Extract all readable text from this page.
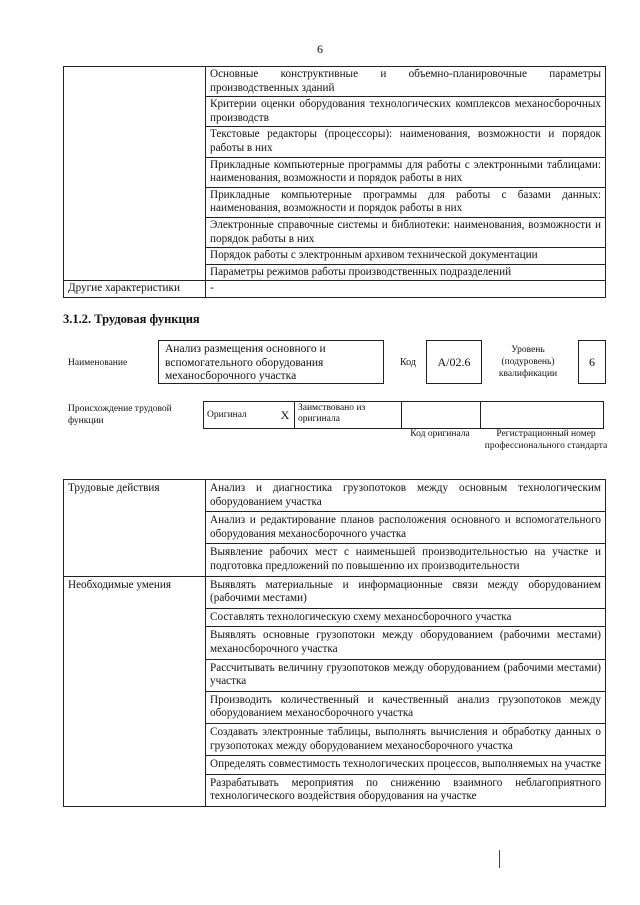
6
	Основные конструктивные и объемно-планировочные параметры производственных зданий
	Критерии оценки оборудования технологических комплексов механосборочных производств
	Текстовые редакторы (процессоры): наименования, возможности и порядок работы в них
	Прикладные компьютерные программы для работы с электронными таблицами: наименования, возможности и порядок работы в них
	Прикладные компьютерные программы для работы с базами данных: наименования, возможности и порядок работы в них
	Электронные справочные системы и библиотеки: наименования, возможности и порядок работы в них
	Порядок работы с электронным архивом технической документации
	Параметры режимов работы производственных подразделений
Другие характеристики	-
3.1.2. Трудовая функция
Наименование
Анализ размещения основного и вспомогательного оборудования механосборочного участка
Код	A/02.6
Уровень (подуровень) квалификации
6
Происхождение трудовой функции
Оригинал	X	Заимствовано из оригинала		
Код оригинала	Регистрационный номер профессионального стандарта
Трудовые действия	Анализ и диагностика грузопотоков между основным технологическим оборудованием участка
	Анализ и редактирование планов расположения основного и вспомогательного оборудования механосборочного участка
	Выявление рабочих мест с наименьшей производительностью на участке и подготовка предложений по повышению их производительности
Необходимые умения	Выявлять материальные и информационные связи между оборудованием (рабочими местами)
	Составлять технологическую схему механосборочного участка
	Выявлять основные грузопотоки между оборудованием (рабочими местами) механосборочного участка
	Рассчитывать величину грузопотоков между оборудованием (рабочими местами) участка
	Производить количественный и качественный анализ грузопотоков между оборудованием механосборочного участка
	Создавать электронные таблицы, выполнять вычисления и обработку данных о грузопотоках между оборудованием механосборочного участка
	Определять совместимость технологических процессов, выполняемых на участке
	Разрабатывать мероприятия по снижению взаимного неблагоприятного технологического воздействия оборудования на участке
